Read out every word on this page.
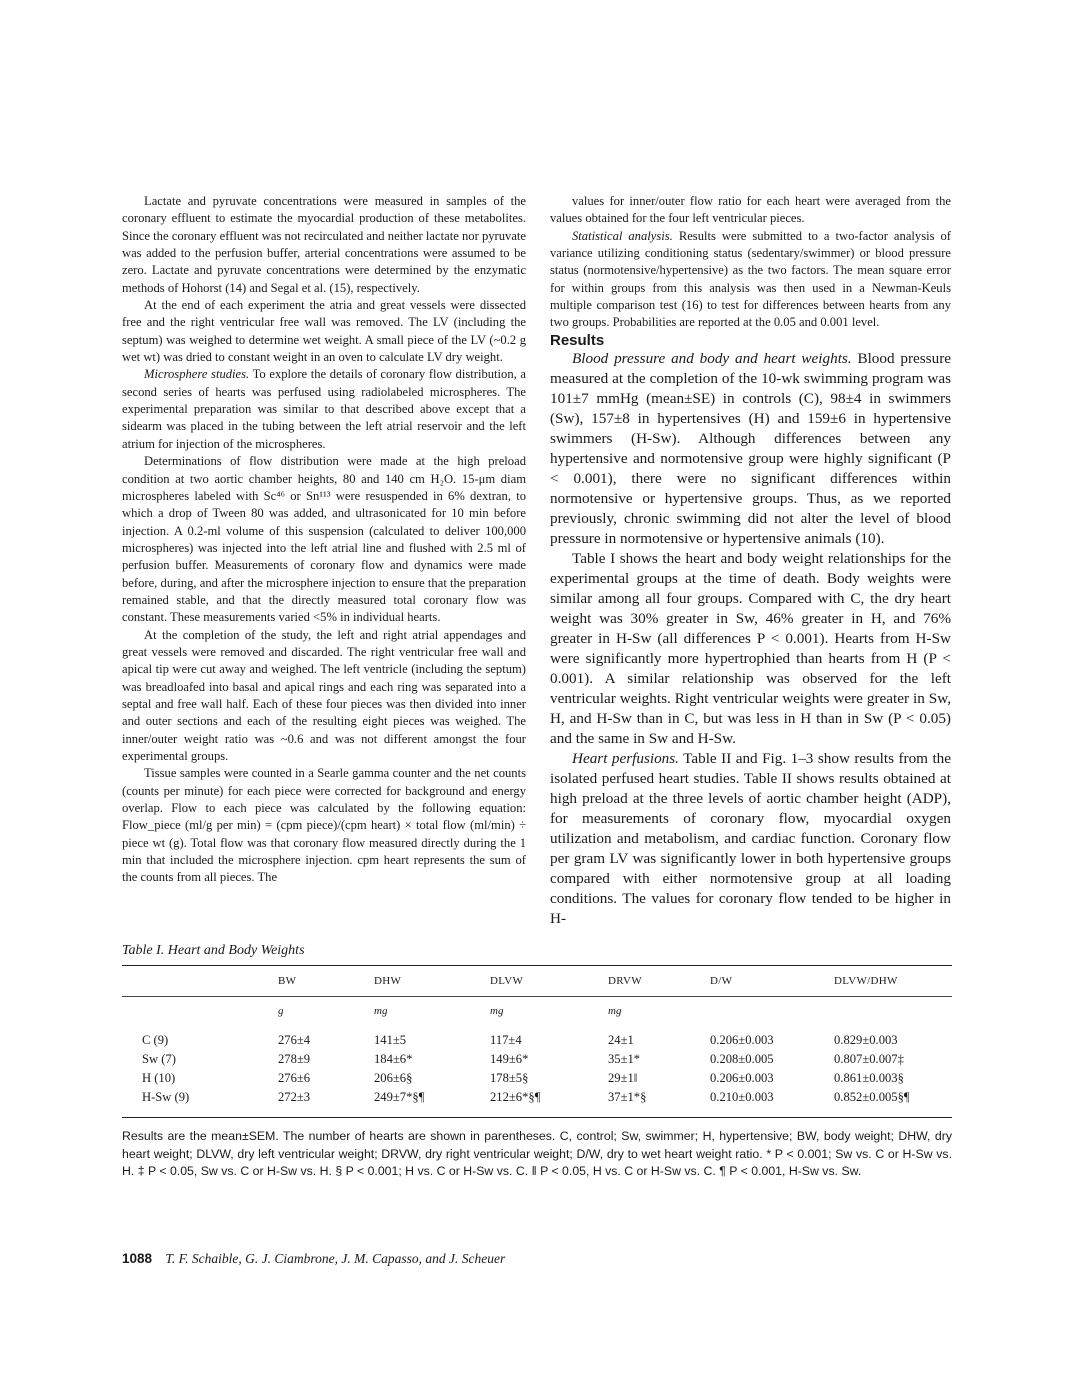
Lactate and pyruvate concentrations were measured in samples of the coronary effluent to estimate the myocardial production of these metabolites. Since the coronary effluent was not recirculated and neither lactate nor pyruvate was added to the perfusion buffer, arterial concentrations were assumed to be zero. Lactate and pyruvate concentrations were determined by the enzymatic methods of Hohorst (14) and Segal et al. (15), respectively.

At the end of each experiment the atria and great vessels were dissected free and the right ventricular free wall was removed. The LV (including the septum) was weighed to determine wet weight. A small piece of the LV (~0.2 g wet wt) was dried to constant weight in an oven to calculate LV dry weight.

Microsphere studies. To explore the details of coronary flow distribution, a second series of hearts was perfused using radiolabeled microspheres. The experimental preparation was similar to that described above except that a sidearm was placed in the tubing between the left atrial reservoir and the left atrium for injection of the microspheres.

Determinations of flow distribution were made at the high preload condition at two aortic chamber heights, 80 and 140 cm H₂O. 15-μm diam microspheres labeled with Sc⁴⁶ or Sn¹¹³ were resuspended in 6% dextran, to which a drop of Tween 80 was added, and ultrasonicated for 10 min before injection. A 0.2-ml volume of this suspension (calculated to deliver 100,000 microspheres) was injected into the left atrial line and flushed with 2.5 ml of perfusion buffer. Measurements of coronary flow and dynamics were made before, during, and after the microsphere injection to ensure that the preparation remained stable, and that the directly measured total coronary flow was constant. These measurements varied <5% in individual hearts.

At the completion of the study, the left and right atrial appendages and great vessels were removed and discarded. The right ventricular free wall and apical tip were cut away and weighed. The left ventricle (including the septum) was breadloafed into basal and apical rings and each ring was separated into a septal and free wall half. Each of these four pieces was then divided into inner and outer sections and each of the resulting eight pieces was weighed. The inner/outer weight ratio was ~0.6 and was not different amongst the four experimental groups.

Tissue samples were counted in a Searle gamma counter and the net counts (counts per minute) for each piece were corrected for background and energy overlap. Flow to each piece was calculated by the following equation: Flow_piece (ml/g per min) = (cpm piece)/(cpm heart) × total flow (ml/min) ÷ piece wt (g). Total flow was that coronary flow measured directly during the 1 min that included the microsphere injection. cpm heart represents the sum of the counts from all pieces. The

values for inner/outer flow ratio for each heart were averaged from the values obtained for the four left ventricular pieces.

Statistical analysis. Results were submitted to a two-factor analysis of variance utilizing conditioning status (sedentary/swimmer) or blood pressure status (normotensive/hypertensive) as the two factors. The mean square error for within groups from this analysis was then used in a Newman-Keuls multiple comparison test (16) to test for differences between hearts from any two groups. Probabilities are reported at the 0.05 and 0.001 level.

Results

Blood pressure and body and heart weights. Blood pressure measured at the completion of the 10-wk swimming program was 101±7 mmHg (mean±SE) in controls (C), 98±4 in swimmers (Sw), 157±8 in hypertensives (H) and 159±6 in hypertensive swimmers (H-Sw). Although differences between any hypertensive and normotensive group were highly significant (P < 0.001), there were no significant differences within normotensive or hypertensive groups. Thus, as we reported previously, chronic swimming did not alter the level of blood pressure in normotensive or hypertensive animals (10).

Table I shows the heart and body weight relationships for the experimental groups at the time of death. Body weights were similar among all four groups. Compared with C, the dry heart weight was 30% greater in Sw, 46% greater in H, and 76% greater in H-Sw (all differences P < 0.001). Hearts from H-Sw were significantly more hypertrophied than hearts from H (P < 0.001). A similar relationship was observed for the left ventricular weights. Right ventricular weights were greater in Sw, H, and H-Sw than in C, but was less in H than in Sw (P < 0.05) and the same in Sw and H-Sw.

Heart perfusions. Table II and Fig. 1–3 show results from the isolated perfused heart studies. Table II shows results obtained at high preload at the three levels of aortic chamber height (ADP), for measurements of coronary flow, myocardial oxygen utilization and metabolism, and cardiac function. Coronary flow per gram LV was significantly lower in both hypertensive groups compared with either normotensive group at all loading conditions. The values for coronary flow tended to be higher in H-

Table I. Heart and Body Weights
	BW	DHW	DLVW	DRVW	D/W	DLVW/DHW
	g	mg	mg	mg		
C (9)	276±4	141±5	117±4	24±1	0.206±0.003	0.829±0.003
Sw (7)	278±9	184±6*	149±6*	35±1*	0.208±0.005	0.807±0.007‡
H (10)	276±6	206±6§	178±5§	29±1‖	0.206±0.003	0.861±0.003§
H-Sw (9)	272±3	249±7*§¶	212±6*§¶	37±1*§	0.210±0.003	0.852±0.005§¶
Results are the mean±SEM. The number of hearts are shown in parentheses. C, control; Sw, swimmer; H, hypertensive; BW, body weight; DHW, dry heart weight; DLVW, dry left ventricular weight; DRVW, dry right ventricular weight; D/W, dry to wet heart weight ratio. * P < 0.001; Sw vs. C or H-Sw vs. H. ‡ P < 0.05, Sw vs. C or H-Sw vs. H. § P < 0.001; H vs. C or H-Sw vs. C. ‖ P < 0.05, H vs. C or H-Sw vs. C. ¶ P < 0.001, H-Sw vs. Sw.
1088 T. F. Schaible, G. J. Ciambrone, J. M. Capasso, and J. Scheuer
